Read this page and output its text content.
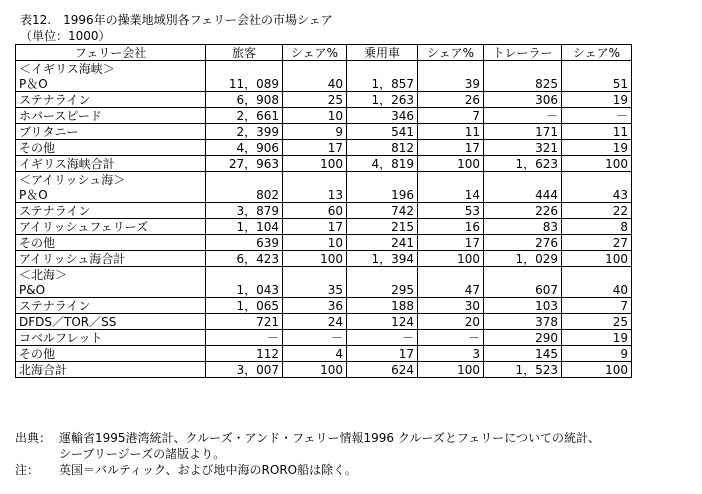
表12.　1996年の操業地域別各フェリー会社の市場シェア
（単位：1000）
フェリー会社	旅客	シェア%	乗用車	シェア%	トレーラー	シェア%
＜イギリス海峡＞						
P＆O	11，089	40	1，857	39	825	51
ステナライン	6，908	25	1，263	26	306	19
ホバースピード	2，661	10	346	7	－	－
ブリタニー	2，399	9	541	11	171	11
その他	4，906	17	812	17	321	19
イギリス海峡合計	27，963	100	4，819	100	1，623	100
＜アイリッシュ海＞						
P＆O	802	13	196	14	444	43
ステナライン	3，879	60	742	53	226	22
アイリッシュフェリーズ	1，104	17	215	16	83	8
その他	639	10	241	17	276	27
アイリッシュ海合計	6，423	100	1，394	100	1，029	100
＜北海＞						
P&O	1，043	35	295	47	607	40
ステナライン	1，065	36	188	30	103	7
DFDS／TOR／SS	721	24	124	20	378	25
コベルフレット	－	－	－	－	290	19
その他	112	4	17	3	145	9
北海合計	3，007	100	624	100	1，523	100
出典： 運輸省1995港湾統計、クルーズ・アンド・フェリー情報1996 クルーズとフェリーについての統計、
シーブリージーズの諸版より。
注：	英国＝バルティック、および地中海のRORO船は除く。
